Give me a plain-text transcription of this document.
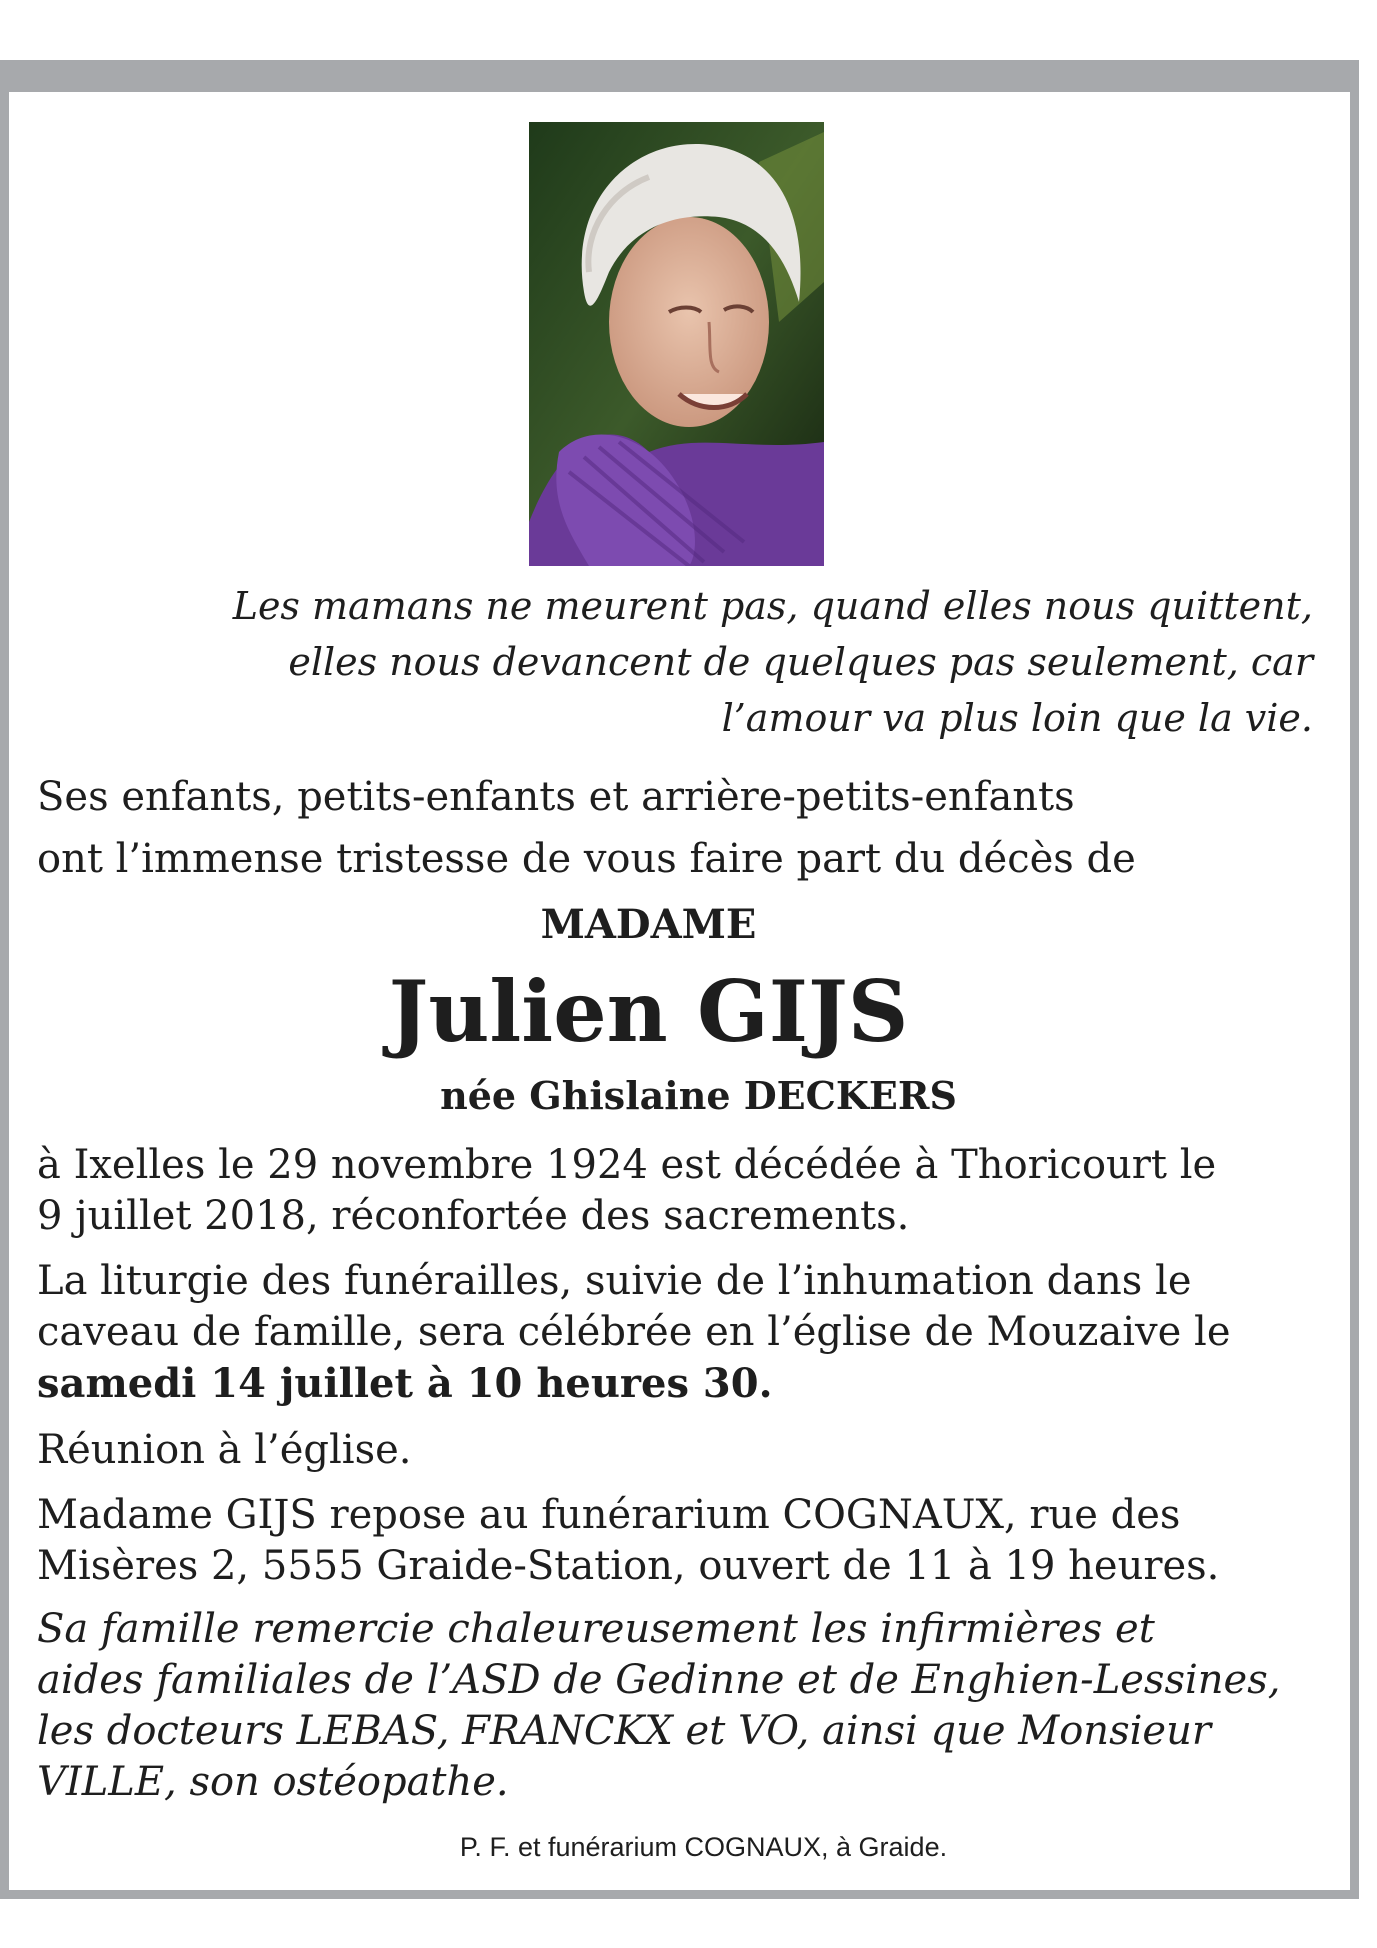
Les mamans ne meurent pas, quand elles nous quittent,
elles nous devancent de quelques pas seulement, car
l’amour va plus loin que la vie.
Ses enfants, petits-enfants et arrière-petits-enfants
ont l’immense tristesse de vous faire part du décès de
MADAME
Julien GIJS
née Ghislaine DECKERS
à Ixelles le 29 novembre 1924 est décédée à Thoricourt le
9 juillet 2018, réconfortée des sacrements.
La liturgie des funérailles, suivie de l’inhumation dans le
caveau de famille, sera célébrée en l’église de Mouzaive le
samedi 14 juillet à 10 heures 30.
Réunion à l’église.
Madame GIJS repose au funérarium COGNAUX, rue des
Misères 2, 5555 Graide-Station, ouvert de 11 à 19 heures.
Sa famille remercie chaleureusement les infirmières et
aides familiales de l’ASD de Gedinne et de Enghien-Lessines,
les docteurs LEBAS, FRANCKX et VO, ainsi que Monsieur
VILLE, son ostéopathe.
P. F. et funérarium COGNAUX, à Graide.
